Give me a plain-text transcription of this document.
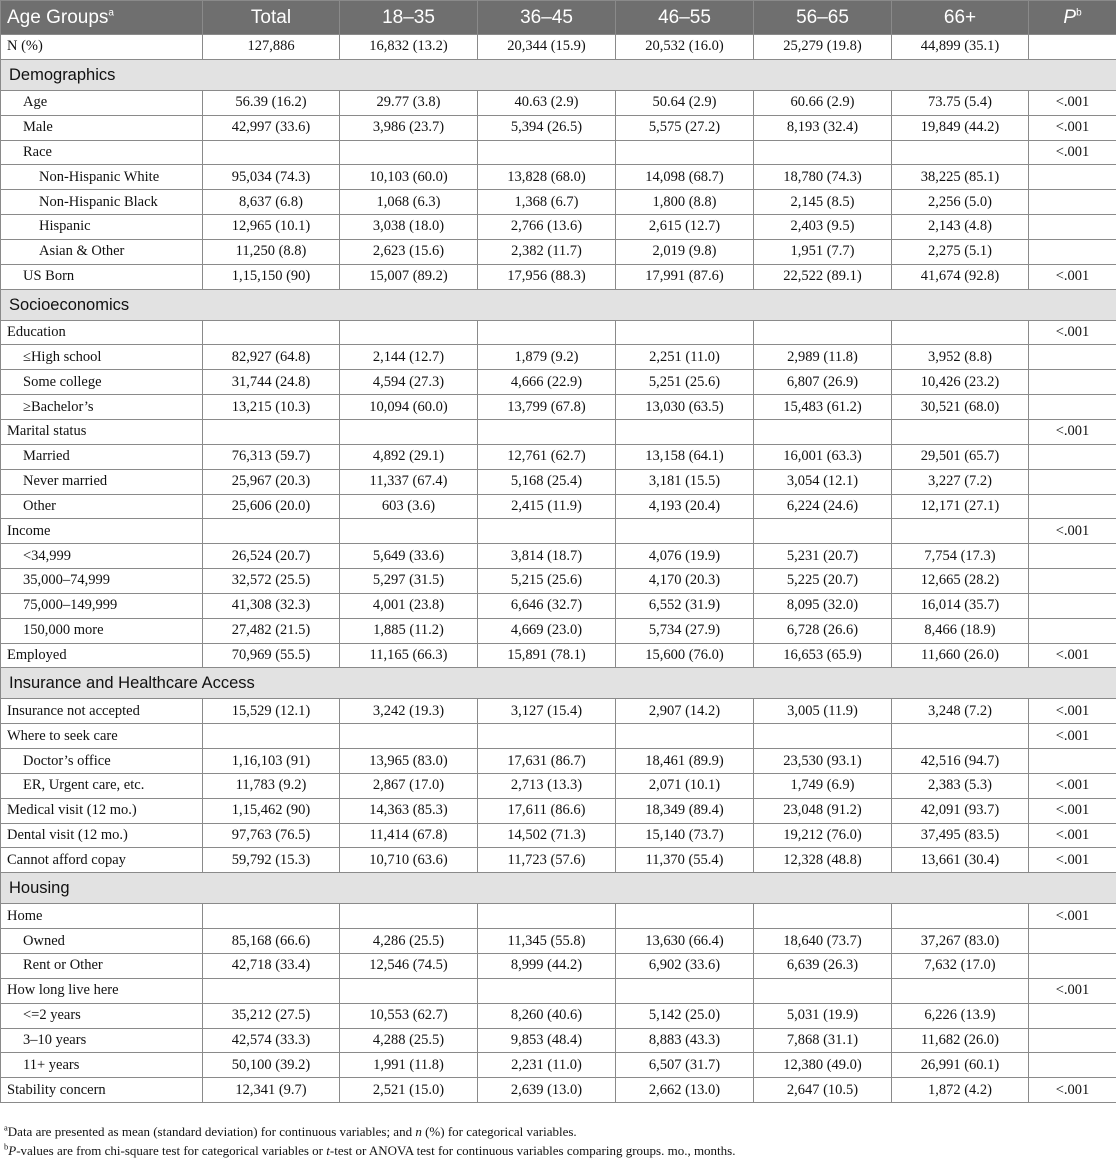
Age Groups$^a$	Total	18–35	36–45	46–55	56–65	66+	$P^b$
N (%)	127,886	16,832 (13.2)	20,344 (15.9)	20,532 (16.0)	25,279 (19.8)	44,899 (35.1)	
Demographics							
Age	56.39 (16.2)	29.77 (3.8)	40.63 (2.9)	50.64 (2.9)	60.66 (2.9)	73.75 (5.4)	<.001
Male	42,997 (33.6)	3,986 (23.7)	5,394 (26.5)	5,575 (27.2)	8,193 (32.4)	19,849 (44.2)	<.001
Race							<.001
Non-Hispanic White	95,034 (74.3)	10,103 (60.0)	13,828 (68.0)	14,098 (68.7)	18,780 (74.3)	38,225 (85.1)	
Non-Hispanic Black	8,637 (6.8)	1,068 (6.3)	1,368 (6.7)	1,800 (8.8)	2,145 (8.5)	2,256 (5.0)	
Hispanic	12,965 (10.1)	3,038 (18.0)	2,766 (13.6)	2,615 (12.7)	2,403 (9.5)	2,143 (4.8)	
Asian & Other	11,250 (8.8)	2,623 (15.6)	2,382 (11.7)	2,019 (9.8)	1,951 (7.7)	2,275 (5.1)	
US Born	1,15,150 (90)	15,007 (89.2)	17,956 (88.3)	17,991 (87.6)	22,522 (89.1)	41,674 (92.8)	<.001
Socioeconomics							
Education							<.001
≤High school	82,927 (64.8)	2,144 (12.7)	1,879 (9.2)	2,251 (11.0)	2,989 (11.8)	3,952 (8.8)	
Some college	31,744 (24.8)	4,594 (27.3)	4,666 (22.9)	5,251 (25.6)	6,807 (26.9)	10,426 (23.2)	
≥Bachelor’s	13,215 (10.3)	10,094 (60.0)	13,799 (67.8)	13,030 (63.5)	15,483 (61.2)	30,521 (68.0)	
Marital status							<.001
Married	76,313 (59.7)	4,892 (29.1)	12,761 (62.7)	13,158 (64.1)	16,001 (63.3)	29,501 (65.7)	
Never married	25,967 (20.3)	11,337 (67.4)	5,168 (25.4)	3,181 (15.5)	3,054 (12.1)	3,227 (7.2)	
Other	25,606 (20.0)	603 (3.6)	2,415 (11.9)	4,193 (20.4)	6,224 (24.6)	12,171 (27.1)	
Income							<.001
<34,999	26,524 (20.7)	5,649 (33.6)	3,814 (18.7)	4,076 (19.9)	5,231 (20.7)	7,754 (17.3)	
35,000–74,999	32,572 (25.5)	5,297 (31.5)	5,215 (25.6)	4,170 (20.3)	5,225 (20.7)	12,665 (28.2)	
75,000–149,999	41,308 (32.3)	4,001 (23.8)	6,646 (32.7)	6,552 (31.9)	8,095 (32.0)	16,014 (35.7)	
150,000 more	27,482 (21.5)	1,885 (11.2)	4,669 (23.0)	5,734 (27.9)	6,728 (26.6)	8,466 (18.9)	
Employed	70,969 (55.5)	11,165 (66.3)	15,891 (78.1)	15,600 (76.0)	16,653 (65.9)	11,660 (26.0)	<.001
Insurance and Healthcare Access							
Insurance not accepted	15,529 (12.1)	3,242 (19.3)	3,127 (15.4)	2,907 (14.2)	3,005 (11.9)	3,248 (7.2)	<.001
Where to seek care							<.001
Doctor’s office	1,16,103 (91)	13,965 (83.0)	17,631 (86.7)	18,461 (89.9)	23,530 (93.1)	42,516 (94.7)	
ER, Urgent care, etc.	11,783 (9.2)	2,867 (17.0)	2,713 (13.3)	2,071 (10.1)	1,749 (6.9)	2,383 (5.3)	<.001
Medical visit (12 mo.)	1,15,462 (90)	14,363 (85.3)	17,611 (86.6)	18,349 (89.4)	23,048 (91.2)	42,091 (93.7)	<.001
Dental visit (12 mo.)	97,763 (76.5)	11,414 (67.8)	14,502 (71.3)	15,140 (73.7)	19,212 (76.0)	37,495 (83.5)	<.001
Cannot afford copay	59,792 (15.3)	10,710 (63.6)	11,723 (57.6)	11,370 (55.4)	12,328 (48.8)	13,661 (30.4)	<.001
Housing							
Home							<.001
Owned	85,168 (66.6)	4,286 (25.5)	11,345 (55.8)	13,630 (66.4)	18,640 (73.7)	37,267 (83.0)	
Rent or Other	42,718 (33.4)	12,546 (74.5)	8,999 (44.2)	6,902 (33.6)	6,639 (26.3)	7,632 (17.0)	
How long live here							<.001
<=2 years	35,212 (27.5)	10,553 (62.7)	8,260 (40.6)	5,142 (25.0)	5,031 (19.9)	6,226 (13.9)	
3–10 years	42,574 (33.3)	4,288 (25.5)	9,853 (48.4)	8,883 (43.3)	7,868 (31.1)	11,682 (26.0)	
11+ years	50,100 (39.2)	1,991 (11.8)	2,231 (11.0)	6,507 (31.7)	12,380 (49.0)	26,991 (60.1)	
Stability concern	12,341 (9.7)	2,521 (15.0)	2,639 (13.0)	2,662 (13.0)	2,647 (10.5)	1,872 (4.2)	<.001
$^a$Data are presented as mean (standard deviation) for continuous variables; and n (%) for categorical variables.
$^b$P-values are from chi-square test for categorical variables or t-test or ANOVA test for continuous variables comparing groups. mo., months.
